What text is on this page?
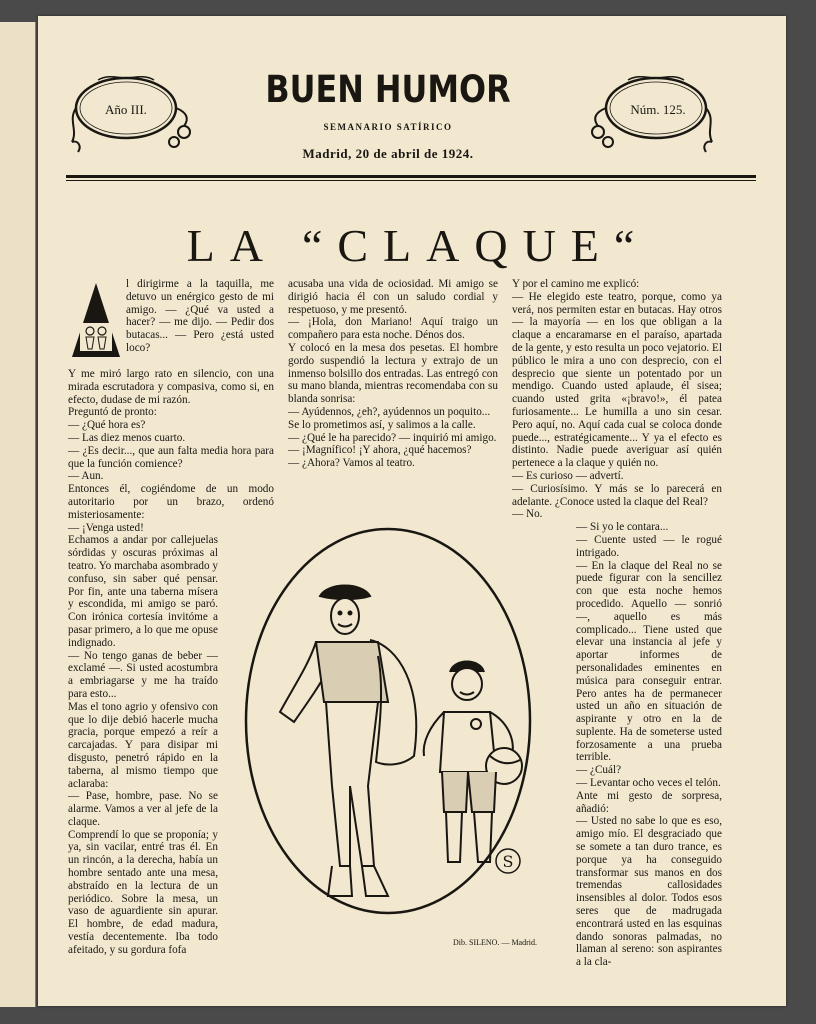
Año III.	Núm. 125.
BUEN HUMOR
SEMANARIO SATÍRICO
Madrid, 20 de abril de 1924.
LA “CLAQUE“

l dirigirme a la taquilla, me detuvo un enérgico gesto de mi amigo. — ¿Qué va usted a hacer? — me dijo. — Pedir dos butacas... — Pero ¿está usted loco?

Y me miró largo rato en silencio, con una mirada escrutadora y compasiva, como si, en efecto, dudase de mi razón.

Preguntó de pronto:

— ¿Qué hora es?

— Las diez menos cuarto.

— ¿Es decir..., que aun falta media hora para que la función comience?

— Aun.

Entonces él, cogiéndome de un modo autoritario por un brazo, ordenó misteriosamente:

— ¡Venga usted!

Echamos a andar por callejuelas sórdidas y oscuras próximas al teatro. Yo marchaba asombrado y confuso, sin saber qué pensar. Por fin, ante una taberna mísera y escondida, mi amigo se paró. Con irónica cortesía invitóme a pasar primero, a lo que me opuse indignado.

— No tengo ganas de beber — exclamé —. Si usted acostumbra a embriagarse y me ha traído para esto...

Mas el tono agrio y ofensivo con que lo dije debió hacerle mucha gracia, porque empezó a reír a carcajadas. Y para disipar mi disgusto, penetró rápido en la taberna, al mismo tiempo que aclaraba:

— Pase, hombre, pase. No se alarme. Vamos a ver al jefe de la claque.

Comprendí lo que se proponía; y ya, sin vacilar, entré tras él. En un rincón, a la derecha, había un hombre sentado ante una mesa, abstraído en la lectura de un periódico. Sobre la mesa, un vaso de aguardiente sin apurar. El hombre, de edad madura, vestía decentemente. Iba todo afeitado, y su gordura fofa

acusaba una vida de ociosidad. Mi amigo se dirigió hacia él con un saludo cordial y respetuoso, y me presentó.

— ¡Hola, don Mariano! Aquí traigo un compañero para esta noche. Dénos dos.

Y colocó en la mesa dos pesetas. El hombre gordo suspendió la lectura y extrajo de un inmenso bolsillo dos entradas. Las entregó con su mano blanda, mientras recomendaba con su blanda sonrisa:

— Ayúdennos, ¿eh?, ayúdennos un poquito...

Se lo prometimos así, y salimos a la calle.

— ¿Qué le ha parecido? — inquirió mi amigo.

— ¡Magnífico! ¡Y ahora, ¿qué hacemos?

— ¿Ahora? Vamos al teatro.

Y por el camino me explicó:

— He elegido este teatro, porque, como ya verá, nos permiten estar en butacas. Hay otros — la mayoría — en los que obligan a la claque a encaramarse en el paraíso, apartada de la gente, y esto resulta un poco vejatorio. El público le mira a uno con desprecio, con el desprecio que siente un potentado por un mendigo. Cuando usted aplaude, él sisea; cuando usted grita «¡bravo!», él patea furiosamente... Le humilla a uno sin cesar. Pero aquí, no. Aquí cada cual se coloca donde puede..., estratégicamente... Y ya el efecto es distinto. Nadie puede averiguar así quién pertenece a la claque y quién no.

— Es curioso — advertí.

— Curiosísimo. Y más se lo parecerá en adelante. ¿Conoce usted la claque del Real?

— No.

— Si yo le contara...

— Cuente usted — le rogué intrigado.

— En la claque del Real no se puede figurar con la sencillez con que esta noche hemos procedido. Aquello — sonrió —, aquello es más complicado... Tiene usted que elevar una instancia al jefe y aportar informes de personalidades eminentes en música para conseguir entrar. Pero antes ha de permanecer usted un año en situación de aspirante y otro en la de suplente. Ha de someterse usted forzosamente a una prueba terrible.

— ¿Cuál?

— Levantar ocho veces el telón.

Ante mi gesto de sorpresa, añadió:

— Usted no sabe lo que es eso, amigo mío. El desgraciado que se somete a tan duro trance, es porque ya ha conseguido transformar sus manos en dos tremendas callosidades insensibles al dolor. Todos esos seres que de madrugada encontrará usted en las esquinas dando sonoras palmadas, no llaman al sereno: son aspirantes a la cla-

S
Dib. SILENO. — Madrid.
